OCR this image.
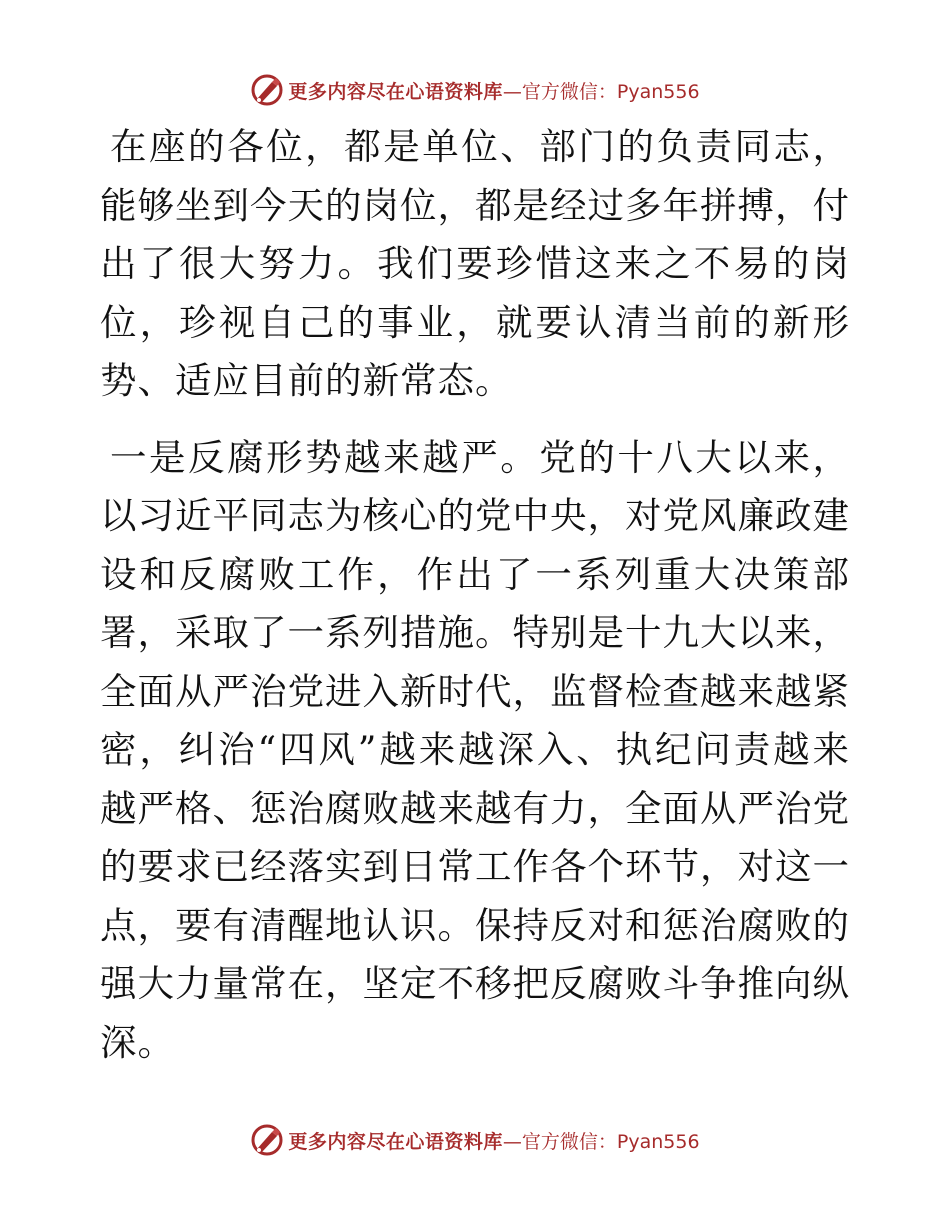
更多内容尽在心语资料库 —官方微信：Pyan556

在座的各位，都是单位、部门的负责同志，能够坐到今天的岗位，都是经过多年拼搏，付出了很大努力。我们要珍惜这来之不易的岗位，珍视自己的事业，就要认清当前的新形势、适应目前的新常态。

一是反腐形势越来越严。党的十八大以来，以习近平同志为核心的党中央，对党风廉政建设和反腐败工作，作出了一系列重大决策部署，采取了一系列措施。特别是十九大以来，全面从严治党进入新时代，监督检查越来越紧密，纠治“四风”越来越深入、执纪问责越来越严格、惩治腐败越来越有力，全面从严治党的要求已经落实到日常工作各个环节，对这一点，要有清醒地认识。保持反对和惩治腐败的强大力量常在，坚定不移把反腐败斗争推向纵深。

更多内容尽在心语资料库 —官方微信：Pyan556
